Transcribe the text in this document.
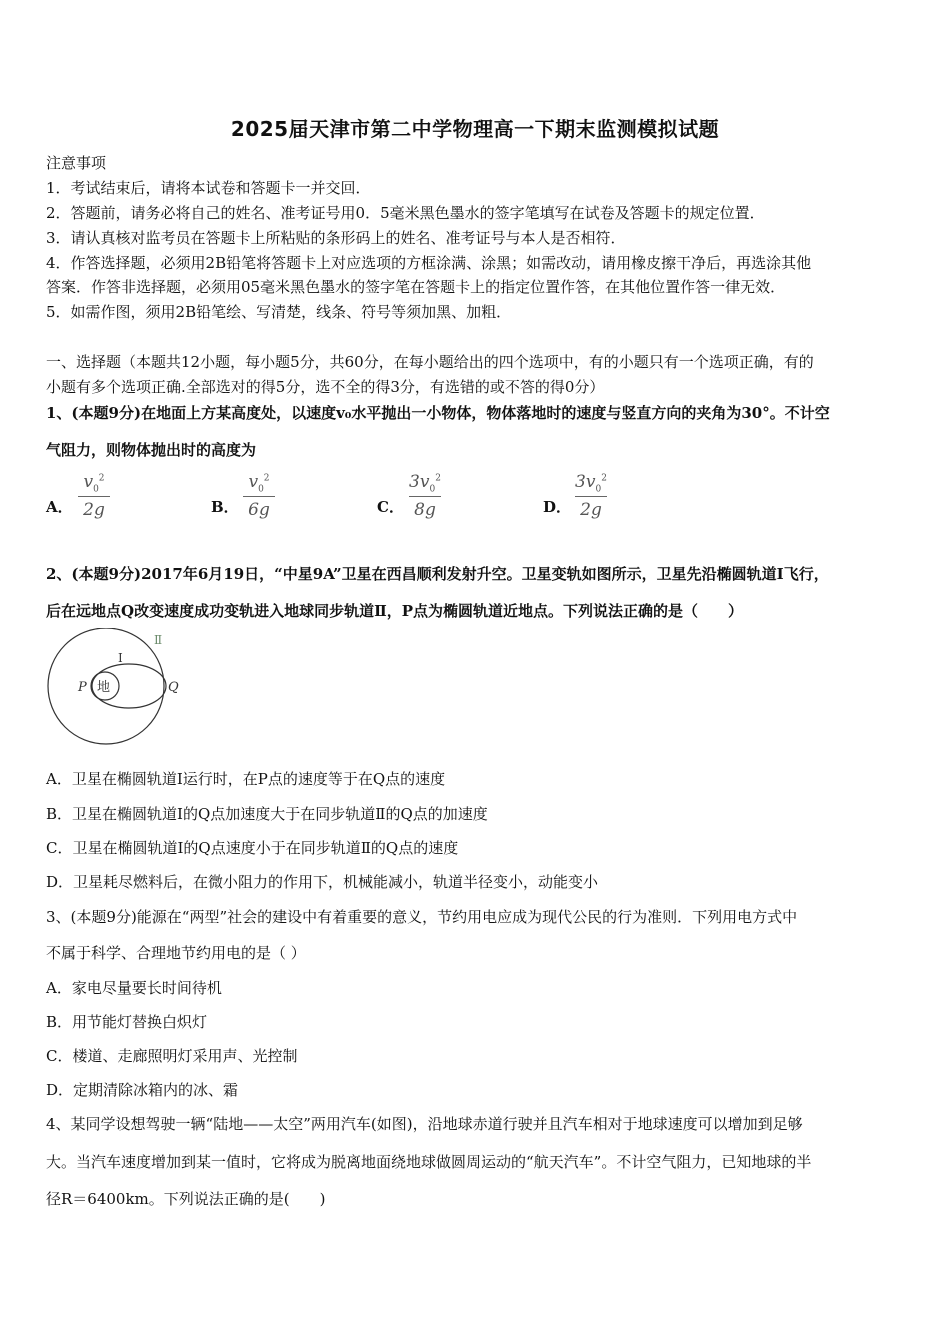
2025届天津市第二中学物理高一下期末监测模拟试题
注意事项
1．考试结束后，请将本试卷和答题卡一并交回．
2．答题前，请务必将自己的姓名、准考证号用0．5毫米黑色墨水的签字笔填写在试卷及答题卡的规定位置．
3．请认真核对监考员在答题卡上所粘贴的条形码上的姓名、准考证号与本人是否相符．
4．作答选择题，必须用2B铅笔将答题卡上对应选项的方框涂满、涂黑；如需改动，请用橡皮擦干净后，再选涂其他
答案．作答非选择题，必须用05毫米黑色墨水的签字笔在答题卡上的指定位置作答，在其他位置作答一律无效．
5．如需作图，须用2B铅笔绘、写清楚，线条、符号等须加黑、加粗．
一、选择题（本题共12小题，每小题5分，共60分，在每小题给出的四个选项中，有的小题只有一个选项正确，有的
小题有多个选项正确.全部选对的得5分，选不全的得3分，有选错的或不答的得0分）
1、(本题9分)在地面上方某高度处，以速度v₀水平抛出一小物体，物体落地时的速度与竖直方向的夹角为30°。不计空
气阻力，则物体抛出时的高度为
A．
$v_0^2$
2g	B．
$v_0^2$
6g	C．
$3v_0^2$
8g	D．
$3v_0^2$
2g
2、(本题9分)2017年6月19日，“中星9A”卫星在西昌顺利发射升空。卫星变轨如图所示，卫星先沿椭圆轨道Ⅰ飞行，
后在远地点Q改变速度成功变轨进入地球同步轨道Ⅱ，P点为椭圆轨道近地点。下列说法正确的是（　　）
Ⅱ
Ⅰ
P	Q
地
A．卫星在椭圆轨道Ⅰ运行时，在P点的速度等于在Q点的速度
B．卫星在椭圆轨道Ⅰ的Q点加速度大于在同步轨道Ⅱ的Q点的加速度
C．卫星在椭圆轨道Ⅰ的Q点速度小于在同步轨道Ⅱ的Q点的速度
D．卫星耗尽燃料后，在微小阻力的作用下，机械能减小，轨道半径变小，动能变小
3、(本题9分)能源在“两型”社会的建设中有着重要的意义，节约用电应成为现代公民的行为准则．下列用电方式中
不属于科学、合理地节约用电的是（ ）
A．家电尽量要长时间待机
B．用节能灯替换白炽灯
C．楼道、走廊照明灯采用声、光控制
D．定期清除冰箱内的冰、霜
4、某同学设想驾驶一辆“陆地——太空”两用汽车(如图)，沿地球赤道行驶并且汽车相对于地球速度可以增加到足够
大。当汽车速度增加到某一值时，它将成为脱离地面绕地球做圆周运动的“航天汽车”。不计空气阻力，已知地球的半
径R＝6400km。下列说法正确的是(　　)
